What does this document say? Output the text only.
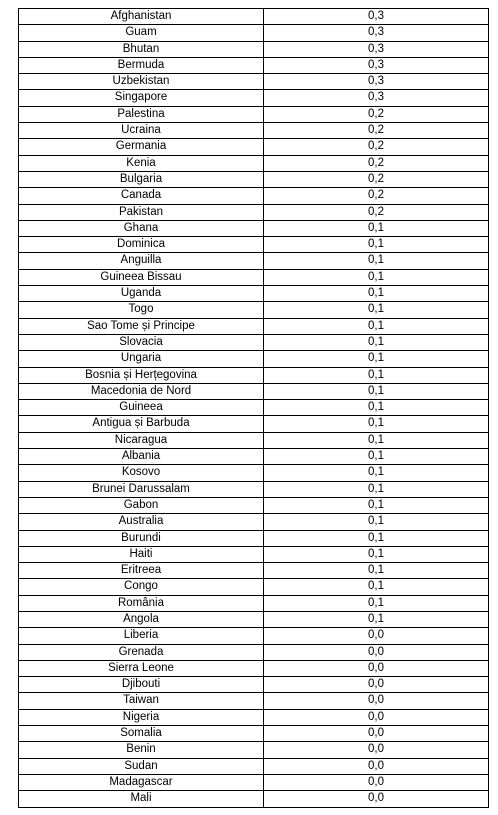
Afghanistan	0,3
Guam	0,3
Bhutan	0,3
Bermuda	0,3
Uzbekistan	0,3
Singapore	0,3
Palestina	0,2
Ucraina	0,2
Germania	0,2
Kenia	0,2
Bulgaria	0,2
Canada	0,2
Pakistan	0,2
Ghana	0,1
Dominica	0,1
Anguilla	0,1
Guineea Bissau	0,1
Uganda	0,1
Togo	0,1
Sao Tome și Principe	0,1
Slovacia	0,1
Ungaria	0,1
Bosnia și Herțegovina	0,1
Macedonia de Nord	0,1
Guineea	0,1
Antigua și Barbuda	0,1
Nicaragua	0,1
Albania	0,1
Kosovo	0,1
Brunei Darussalam	0,1
Gabon	0,1
Australia	0,1
Burundi	0,1
Haiti	0,1
Eritreea	0,1
Congo	0,1
România	0,1
Angola	0,1
Liberia	0,0
Grenada	0,0
Sierra Leone	0,0
Djibouti	0,0
Taiwan	0,0
Nigeria	0,0
Somalia	0,0
Benin	0,0
Sudan	0,0
Madagascar	0,0
Mali	0,0
